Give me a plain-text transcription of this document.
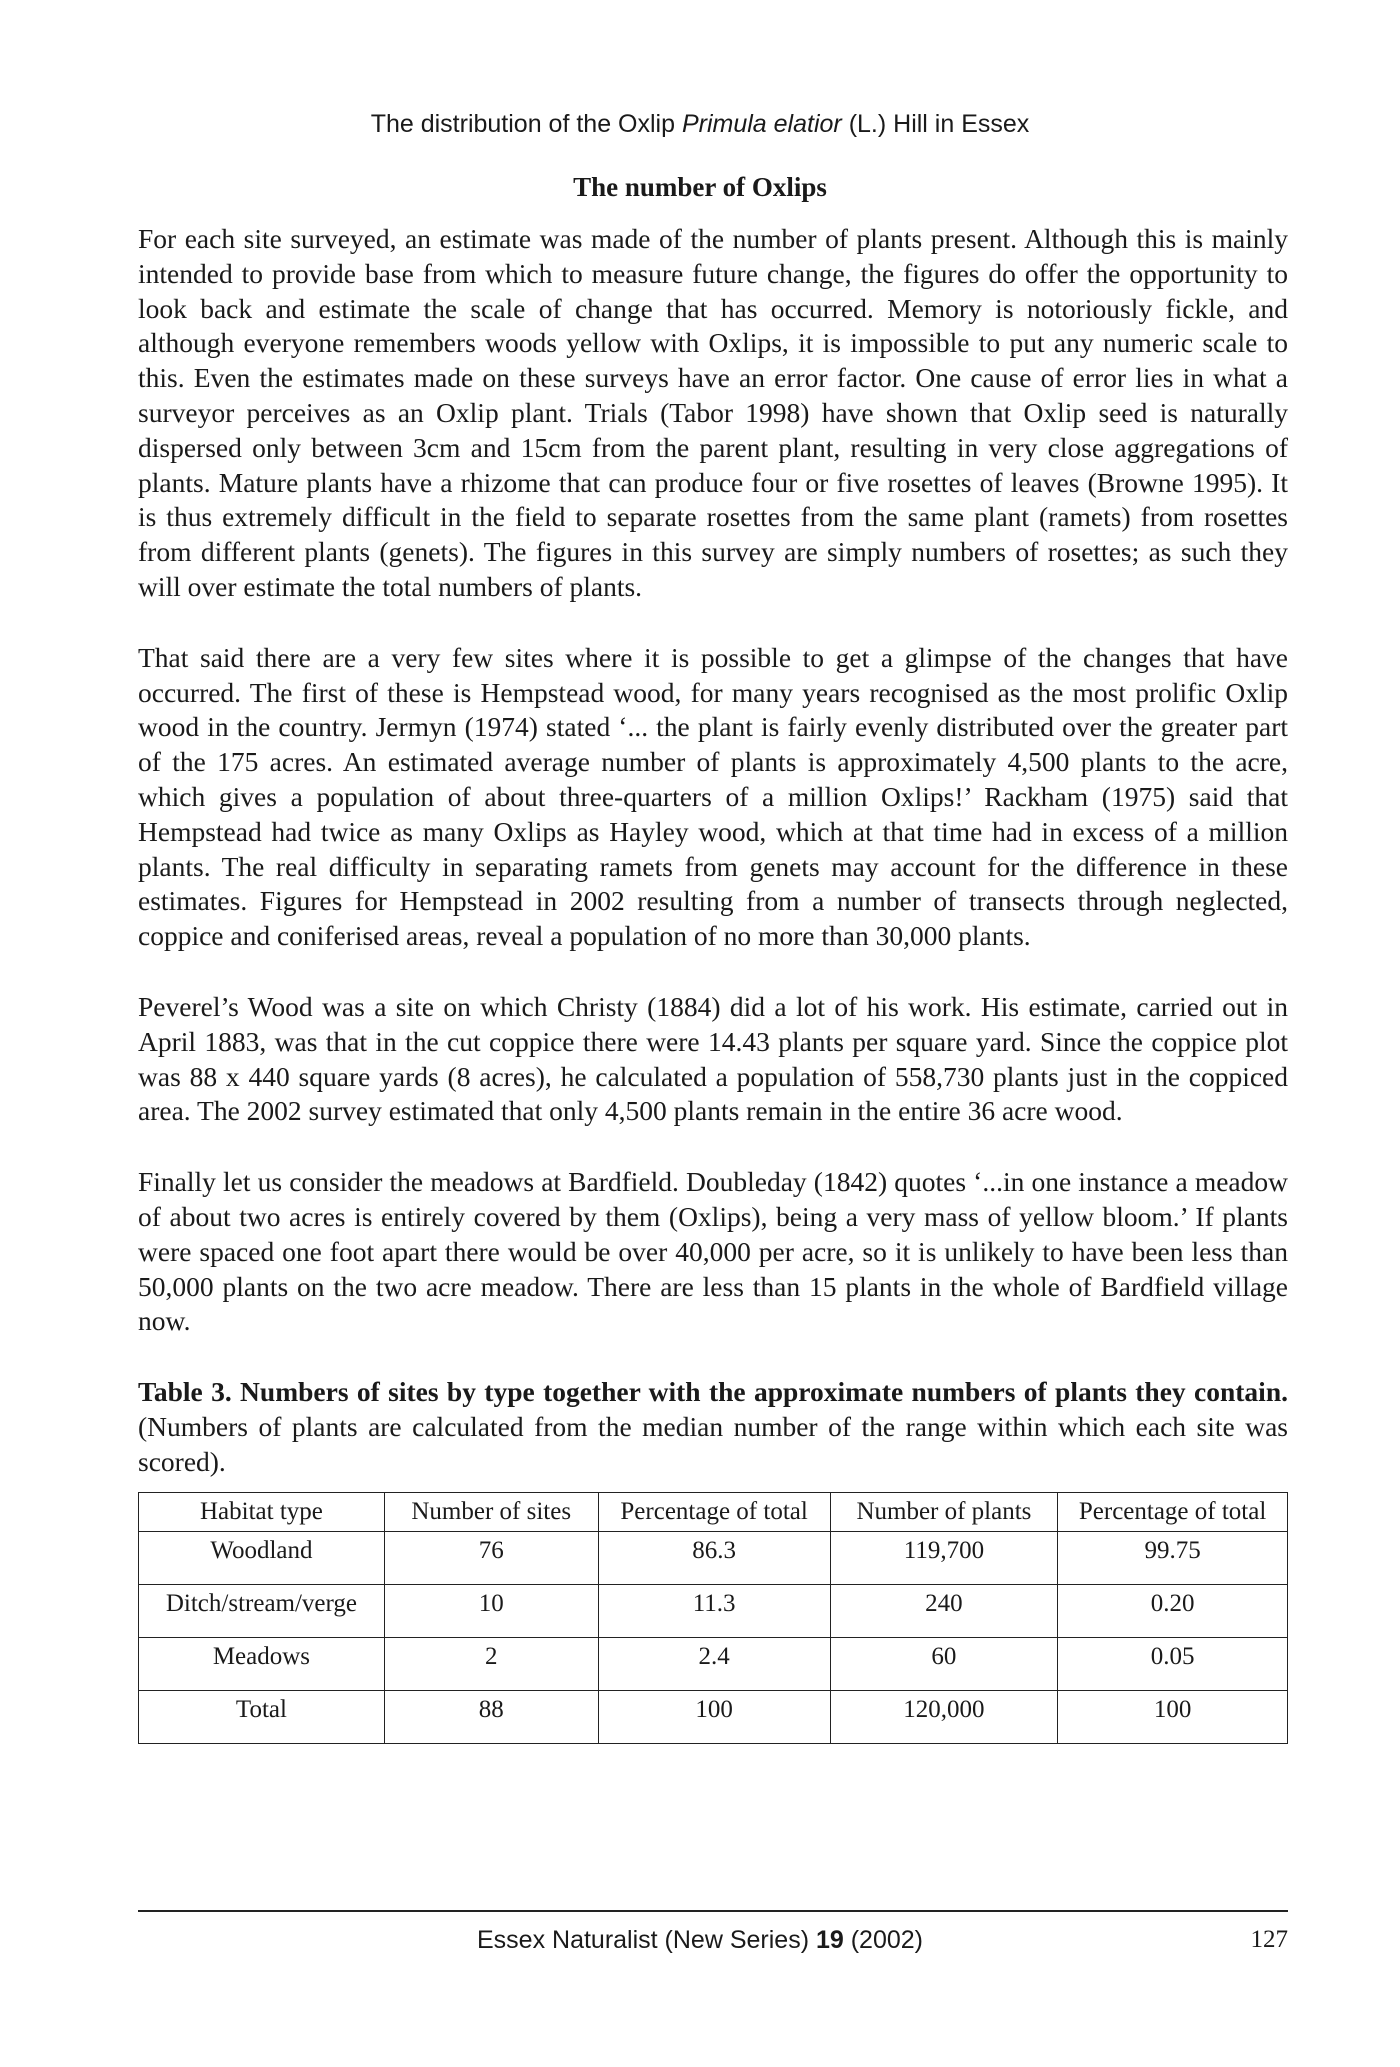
The distribution of the Oxlip Primula elatior (L.) Hill in Essex
The number of Oxlips

For each site surveyed, an estimate was made of the number of plants present. Although this is mainly intended to provide base from which to measure future change, the figures do offer the opportunity to look back and estimate the scale of change that has occurred. Memory is notoriously fickle, and although everyone remembers woods yellow with Oxlips, it is impossible to put any numeric scale to this. Even the estimates made on these surveys have an error factor. One cause of error lies in what a surveyor perceives as an Oxlip plant. Trials (Tabor 1998) have shown that Oxlip seed is naturally dispersed only between 3cm and 15cm from the parent plant, resulting in very close aggregations of plants. Mature plants have a rhizome that can produce four or five rosettes of leaves (Browne 1995). It is thus extremely difficult in the field to separate rosettes from the same plant (ramets) from rosettes from different plants (genets). The figures in this survey are simply numbers of rosettes; as such they will over estimate the total numbers of plants.

That said there are a very few sites where it is possible to get a glimpse of the changes that have occurred. The first of these is Hempstead wood, for many years recognised as the most prolific Oxlip wood in the country. Jermyn (1974) stated ‘... the plant is fairly evenly distributed over the greater part of the 175 acres. An estimated average number of plants is approximately 4,500 plants to the acre, which gives a population of about three-quarters of a million Oxlips!’ Rackham (1975) said that Hempstead had twice as many Oxlips as Hayley wood, which at that time had in excess of a million plants. The real difficulty in separating ramets from genets may account for the difference in these estimates. Figures for Hempstead in 2002 resulting from a number of transects through neglected, coppice and coniferised areas, reveal a population of no more than 30,000 plants.

Peverel’s Wood was a site on which Christy (1884) did a lot of his work. His estimate, carried out in April 1883, was that in the cut coppice there were 14.43 plants per square yard. Since the coppice plot was 88 x 440 square yards (8 acres), he calculated a population of 558,730 plants just in the coppiced area. The 2002 survey estimated that only 4,500 plants remain in the entire 36 acre wood.

Finally let us consider the meadows at Bardfield. Doubleday (1842) quotes ‘...in one instance a meadow of about two acres is entirely covered by them (Oxlips), being a very mass of yellow bloom.’ If plants were spaced one foot apart there would be over 40,000 per acre, so it is unlikely to have been less than 50,000 plants on the two acre meadow. There are less than 15 plants in the whole of Bardfield village now.

Table 3. Numbers of sites by type together with the approximate numbers of plants they contain. (Numbers of plants are calculated from the median number of the range within which each site was scored).
Habitat type	Number of sites	Percentage of total	Number of plants	Percentage of total
Woodland	76	86.3	119,700	99.75
Ditch/stream/verge	10	11.3	240	0.20
Meadows	2	2.4	60	0.05
Total	88	100	120,000	100
Essex Naturalist (New Series) 19 (2002)	127
